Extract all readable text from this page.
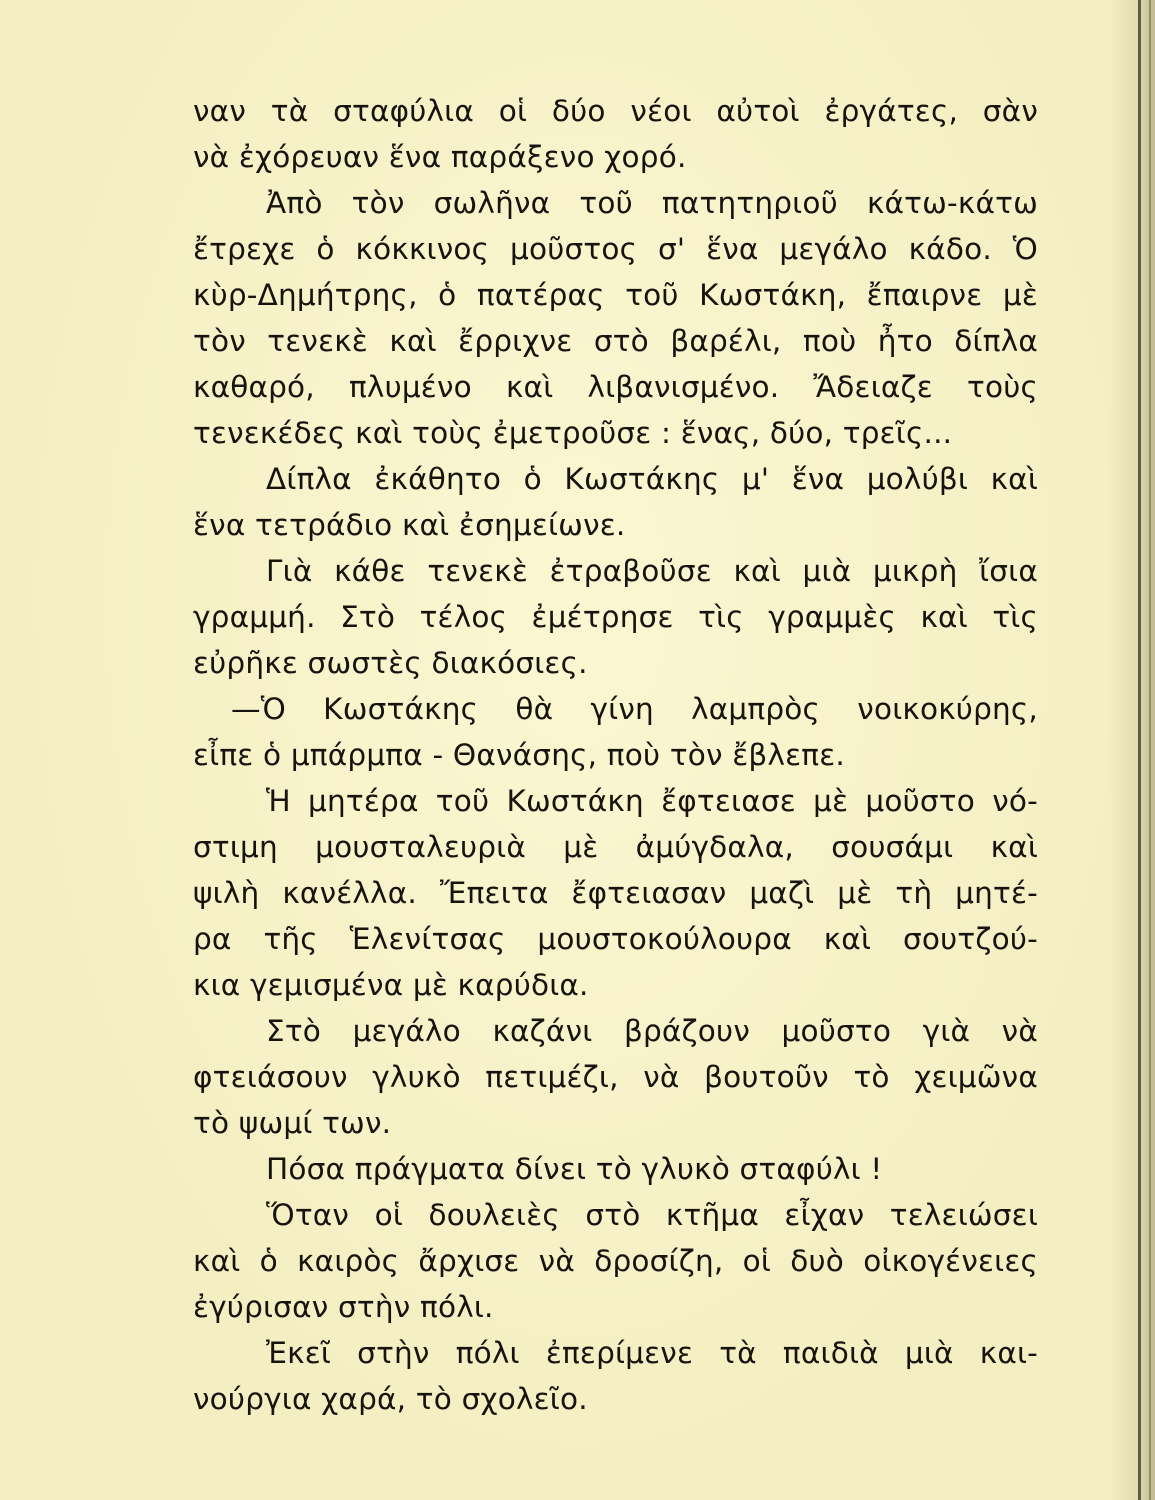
ναν τὰ σταφύλια οἱ δύο νέοι αὐτοὶ ἐργάτες, σὰν
νὰ ἐχόρευαν ἕνα παράξενο χορό.
Ἀπὸ τὸν σωλῆνα τοῦ πατητηριοῦ κάτω-κάτω
ἔτρεχε ὁ κόκκινος μοῦστος σ' ἕνα μεγάλο κάδο. Ὁ
κὺρ-Δημήτρης, ὁ πατέρας τοῦ Κωστάκη, ἔπαιρνε μὲ
τὸν τενεκὲ καὶ ἔρριχνε στὸ βαρέλι, ποὺ ἦτο δίπλα
καθαρό, πλυμένο καὶ λιβανισμένο. Ἄδειαζε τοὺς
τενεκέδες καὶ τοὺς ἐμετροῦσε : ἕνας, δύο, τρεῖς...
Δίπλα ἐκάθητο ὁ Κωστάκης μ' ἕνα μολύβι καὶ
ἕνα τετράδιο καὶ ἐσημείωνε.
Γιὰ κάθε τενεκὲ ἐτραβοῦσε καὶ μιὰ μικρὴ ἴσια
γραμμή. Στὸ τέλος ἐμέτρησε τὶς γραμμὲς καὶ τὶς
εὐρῆκε σωστὲς διακόσιες.
—Ὁ Κωστάκης θὰ γίνη λαμπρὸς νοικοκύρης,
εἶπε ὁ μπάρμπα - Θανάσης, ποὺ τὸν ἔβλεπε.
Ἡ μητέρα τοῦ Κωστάκη ἔφτειασε μὲ μοῦστο νό-
στιμη μουσταλευριὰ μὲ ἀμύγδαλα, σουσάμι καὶ
ψιλὴ κανέλλα. Ἔπειτα ἔφτειασαν μαζὶ μὲ τὴ μητέ-
ρα τῆς Ἑλενίτσας μουστοκούλουρα καὶ σουτζού-
κια γεμισμένα μὲ καρύδια.
Στὸ μεγάλο καζάνι βράζουν μοῦστο γιὰ νὰ
φτειάσουν γλυκὸ πετιμέζι, νὰ βουτοῦν τὸ χειμῶνα
τὸ ψωμί των.
Πόσα πράγματα δίνει τὸ γλυκὸ σταφύλι !
Ὅταν οἱ δουλειὲς στὸ κτῆμα εἶχαν τελειώσει
καὶ ὁ καιρὸς ἄρχισε νὰ δροσίζη, οἱ δυὸ οἰκογένειες
ἐγύρισαν στὴν πόλι.
Ἐκεῖ στὴν πόλι ἐπερίμενε τὰ παιδιὰ μιὰ και-
νούργια χαρά, τὸ σχολεῖο.
